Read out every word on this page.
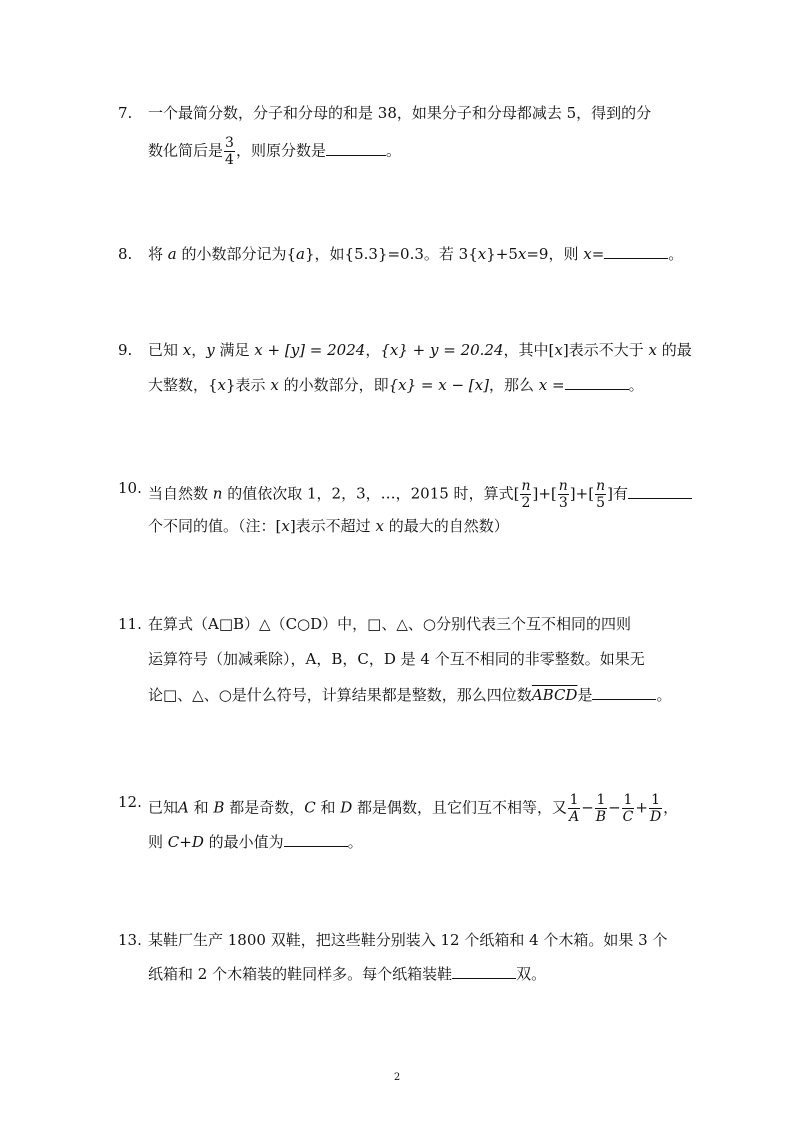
7. 一个最简分数，分子和分母的和是 38，如果分子和分母都减去 5，得到的分
数化简后是 $\frac{3}{4}$ ，则原分数是	。
8. 将 a 的小数部分记为{a}，如{5.3}=0.3。若 3{x}+5x=9，则 x=	。
9. 已知 x，y 满足 x + [y] = 2024，{x} + y = 20.24，其中[x]表示不大于 x 的最
大整数，{x}表示 x 的小数部分，即{x} = x − [x]，那么 x =	。
10. 当自然数 n 的值依次取 1，2，3，…，2015 时，算式[ $\frac{n}{2}$ ]+[ $\frac{n}{3}$ ]+[ $\frac{n}{5}$ ]有
个不同的值。（注：[x]表示不超过 x 的最大的自然数）
11. 在算式（A□B）△（C○D）中，□、△、○分别代表三个互不相同的四则
运算符号（加减乘除），A，B，C，D 是 4 个互不相同的非零整数。如果无
论□、△、○是什么符号，计算结果都是整数，那么四位数ABCD是	。
12. 已知A 和 B 都是奇数，C 和 D 都是偶数，且它们互不相等，又 $\frac{1}{A} - \frac{1}{B} - \frac{1}{C} + \frac{1}{D}$ ，
则 C+D 的最小值为	。
13. 某鞋厂生产 1800 双鞋，把这些鞋分别装入 12 个纸箱和 4 个木箱。如果 3 个
纸箱和 2 个木箱装的鞋同样多。每个纸箱装鞋	双。
2
